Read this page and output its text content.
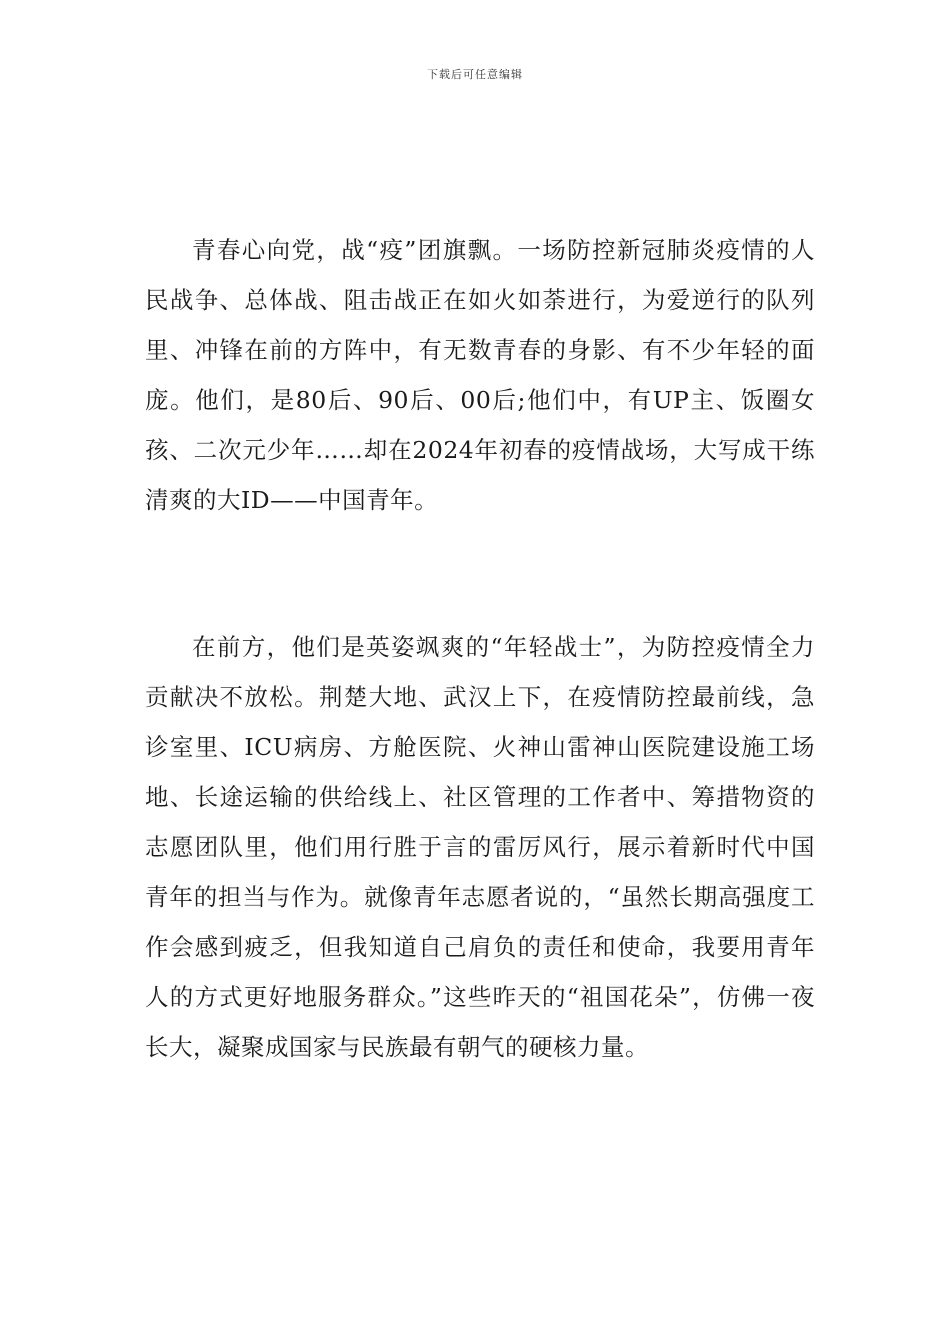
下载后可任意编辑

青春心向党，战“疫”团旗飘。一场防控新冠肺炎疫情的人民战争、总体战、阻击战正在如火如荼进行，为爱逆行的队列里、冲锋在前的方阵中，有无数青春的身影、有不少年轻的面庞。他们，是80后、90后、00后;他们中，有UP主、饭圈女孩、二次元少年……却在2024年初春的疫情战场，大写成干练清爽的大ID——中国青年。

在前方，他们是英姿飒爽的“年轻战士”，为防控疫情全力贡献决不放松。荆楚大地、武汉上下，在疫情防控最前线，急诊室里、ICU病房、方舱医院、火神山雷神山医院建设施工场地、长途运输的供给线上、社区管理的工作者中、筹措物资的志愿团队里，他们用行胜于言的雷厉风行，展示着新时代中国青年的担当与作为。就像青年志愿者说的，“虽然长期高强度工作会感到疲乏，但我知道自己肩负的责任和使命，我要用青年人的方式更好地服务群众。”这些昨天的“祖国花朵”，仿佛一夜长大，凝聚成国家与民族最有朝气的硬核力量。
